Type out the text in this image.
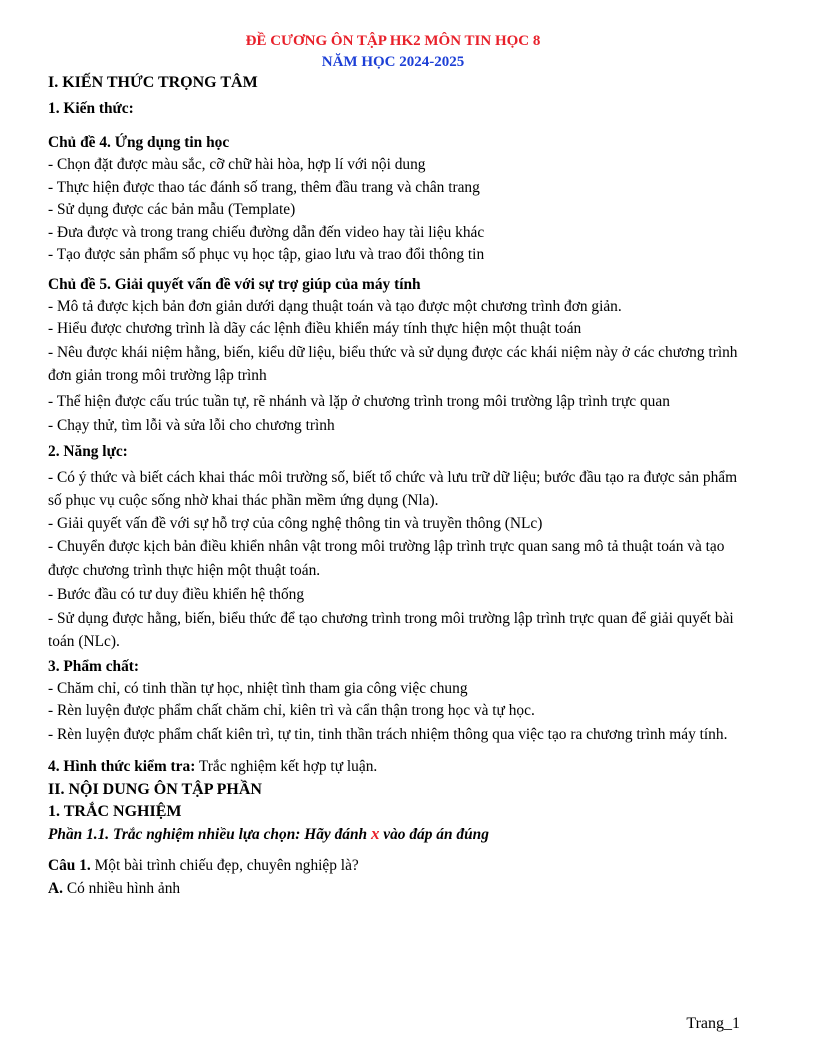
ĐỀ CƯƠNG ÔN TẬP HK2 MÔN TIN HỌC 8
NĂM HỌC 2024-2025
I. KIẾN THỨC TRỌNG TÂM
1. Kiến thức:
Chủ đề 4. Ứng dụng tin học
- Chọn đặt được màu sắc, cỡ chữ hài hòa, hợp lí với nội dung
- Thực hiện được thao tác đánh số trang, thêm đầu trang và chân trang
- Sử dụng được các bản mẫu (Template)
- Đưa được và trong trang chiếu đường dẫn đến video hay tài liệu khác
- Tạo được sản phẩm số phục vụ học tập, giao lưu và trao đổi thông tin
Chủ đề 5. Giải quyết vấn đề với sự trợ giúp của máy tính
- Mô tả được kịch bản đơn giản dưới dạng thuật toán và tạo được một chương trình đơn giản.
- Hiểu được chương trình là dãy các lệnh điều khiển máy tính thực hiện một thuật toán
- Nêu được khái niệm hằng, biến, kiểu dữ liệu, biểu thức và sử dụng được các khái niệm này ở các chương trình đơn giản trong môi trường lập trình
- Thể hiện được cấu trúc tuần tự, rẽ nhánh và lặp ở chương trình trong môi trường lập trình trực quan
- Chạy thử, tìm lỗi và sửa lỗi cho chương trình
2. Năng lực:
- Có ý thức và biết cách khai thác môi trường số, biết tổ chức và lưu trữ dữ liệu; bước đầu tạo ra được sản phẩm số phục vụ cuộc sống nhờ khai thác phần mềm ứng dụng (Nla).
- Giải quyết vấn đề với sự hỗ trợ của công nghệ thông tin và truyền thông (NLc)
- Chuyển được kịch bản điều khiển nhân vật trong môi trường lập trình trực quan sang mô tả thuật toán và tạo được chương trình thực hiện một thuật toán.
- Bước đầu có tư duy điều khiển hệ thống
- Sử dụng được hằng, biến, biểu thức để tạo chương trình trong môi trường lập trình trực quan để giải quyết bài toán (NLc).
3. Phẩm chất:
- Chăm chỉ, có tinh thần tự học, nhiệt tình tham gia công việc chung
- Rèn luyện được phẩm chất chăm chỉ, kiên trì và cẩn thận trong học và tự học.
- Rèn luyện được phẩm chất kiên trì, tự tin, tinh thần trách nhiệm thông qua việc tạo ra chương trình máy tính.
4. Hình thức kiểm tra: Trắc nghiệm kết hợp tự luận.
II. NỘI DUNG ÔN TẬP PHẦN
1. TRẮC NGHIỆM
Phần 1.1. Trắc nghiệm nhiều lựa chọn: Hãy đánh x vào đáp án đúng
Câu 1. Một bài trình chiếu đẹp, chuyên nghiệp là?
A. Có nhiều hình ảnh
Trang_1
